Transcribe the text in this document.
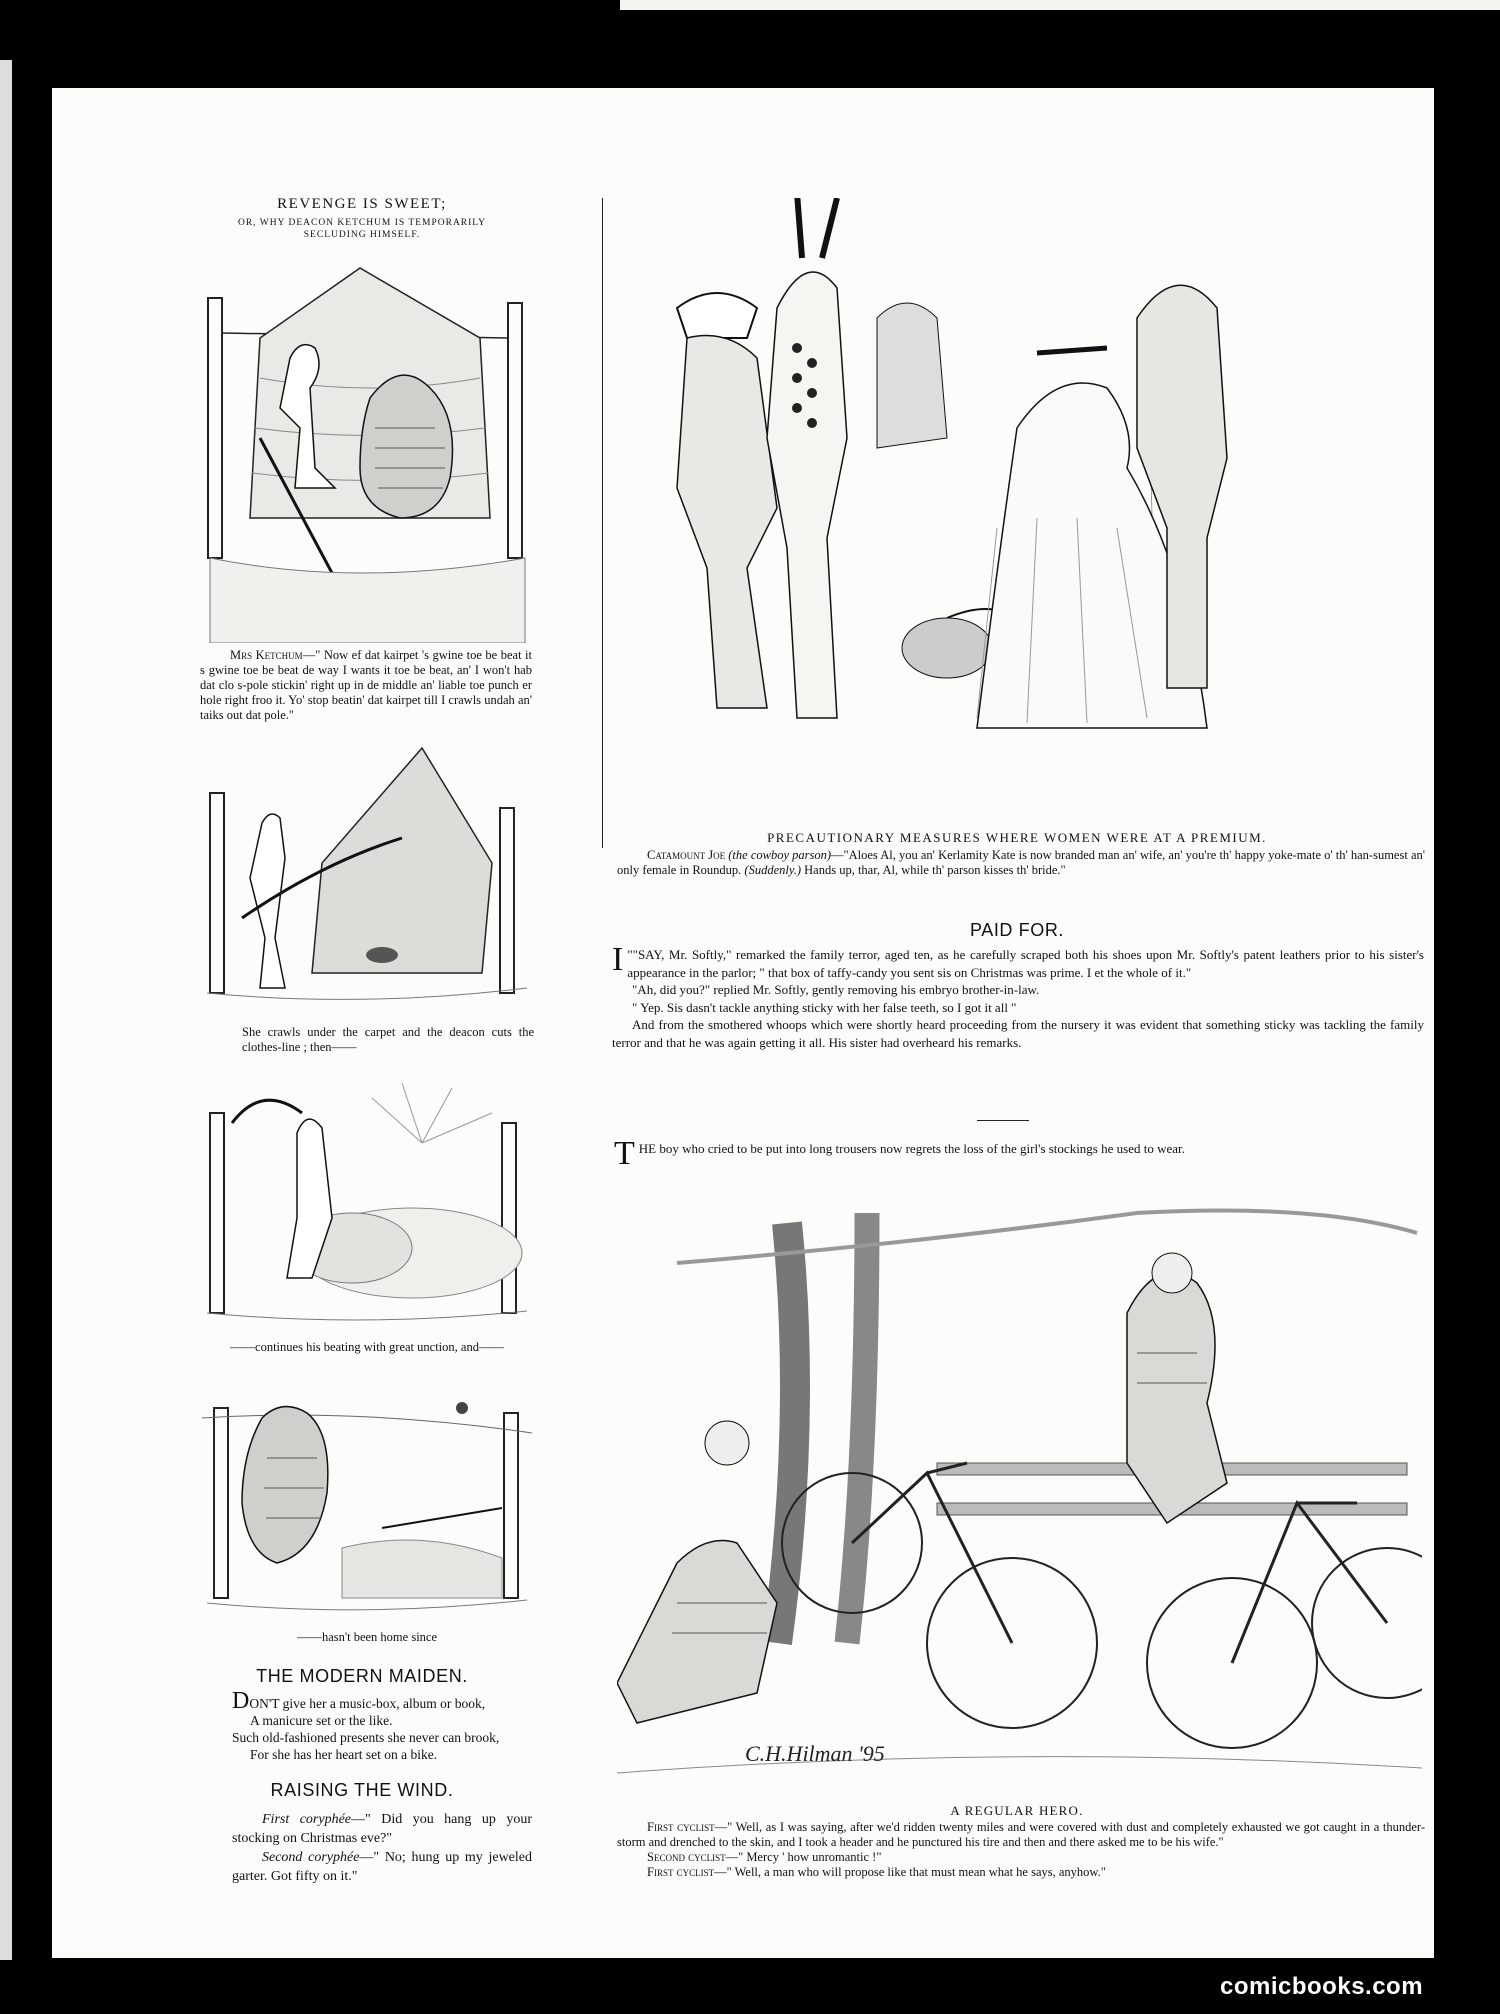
REVENGE IS SWEET;
OR, WHY DEACON KETCHUM IS TEMPORARILY
SECLUDING HIMSELF.
Mrs Ketchum—" Now ef dat kairpet 's gwine toe be beat it s gwine toe be beat de way I wants it toe be beat, an' I won't hab dat clo s-pole stickin' right up in de middle an' liable toe punch er hole right froo it. Yo' stop beatin' dat kairpet till I crawls undah an' taiks out dat pole."
She crawls under the carpet and the deacon cuts the clothes-line ; then——
——continues his beating with great unction, and——
——hasn't been home since
THE MODERN MAIDEN.
DON'T give her a music-box, album or book,
A manicure set or the like.
Such old-fashioned presents she never can brook,
For she has her heart set on a bike.
RAISING THE WIND.

First coryphée—" Did you hang up your stocking on Christmas eve?"

Second coryphée—" No; hung up my jeweled garter. Got fifty on it."

PRECAUTIONARY MEASURES WHERE WOMEN WERE AT A PREMIUM.
Catamount Joe (the cowboy parson)—"Aloes Al, you an' Kerlamity Kate is now branded man an' wife, an' you're th' happy yoke-mate o' th' han-sumest an' only female in Roundup. (Suddenly.) Hands up, thar, Al, while th' parson kisses th' bride."
PAID FOR.

""
I	SAY, Mr. Softly," remarked the family terror, aged ten, as he carefully scraped both his shoes upon Mr. Softly's patent leathers prior to his sister's appearance in the parlor; " that box of taffy-candy you sent sis on Christmas was prime. I et the whole of it."

"Ah, did you?" replied Mr. Softly, gently removing his embryo brother-in-law.

" Yep. Sis dasn't tackle anything sticky with her false teeth, so I got it all "

And from the smothered whoops which were shortly heard proceeding from the nursery it was evident that something sticky was tackling the family terror and that he was again getting it all. His sister had overheard his remarks.

THE boy who cried to be put into long trousers now regrets the loss of the girl's stockings he used to wear.
C.H.Hilman '95
A REGULAR HERO.
First cyclist—" Well, as I was saying, after we'd ridden twenty miles and were covered with dust and completely exhausted we got caught in a thunder-storm and drenched to the skin, and I took a header and he punctured his tire and then and there asked me to be his wife."
Second cyclist—" Mercy ' how unromantic !"
First cyclist—" Well, a man who will propose like that must mean what he says, anyhow."
comicbooks.com
